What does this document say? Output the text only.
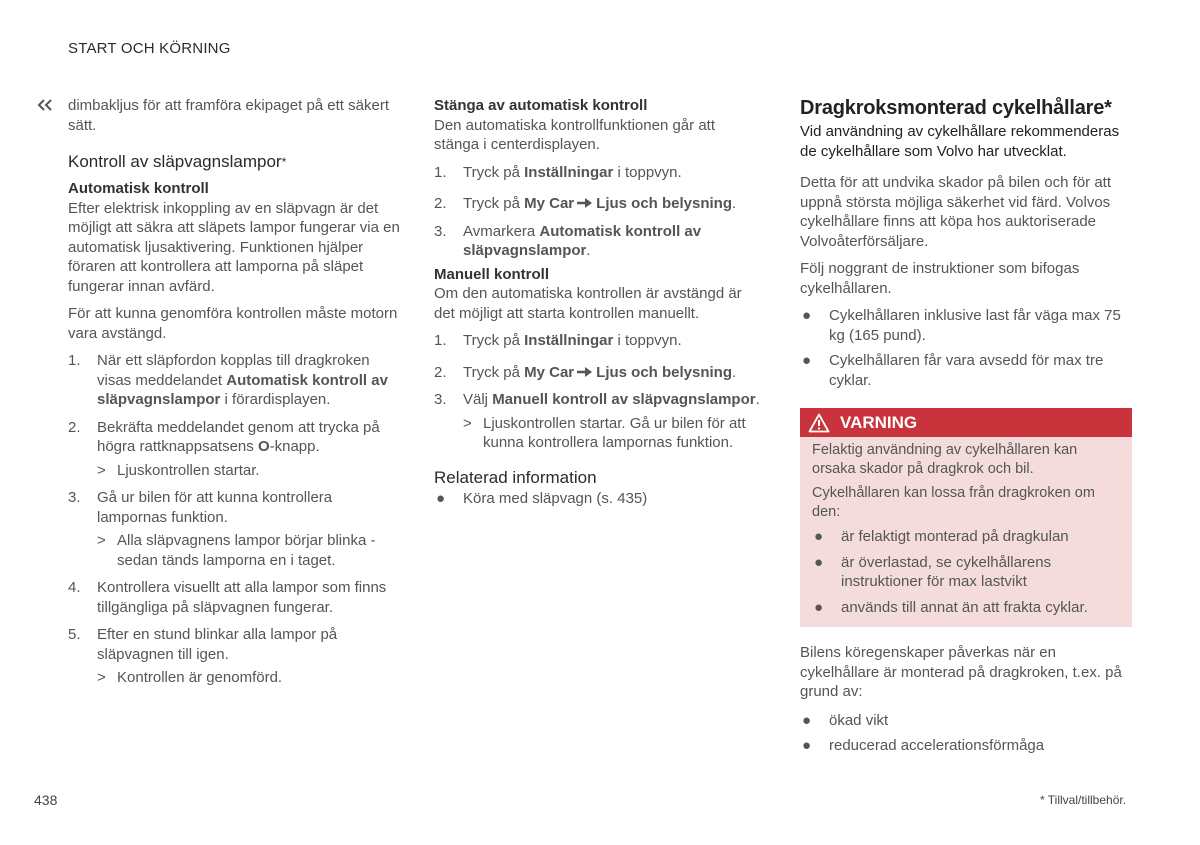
START OCH KÖRNING

dimbakljus för att framföra ekipaget på ett säkert sätt.

Kontroll av släpvagnslampor*
Automatisk kontroll

Efter elektrisk inkoppling av en släpvagn är det möjligt att säkra att släpets lampor fungerar via en automatisk ljusaktivering. Funktionen hjälper föraren att kontrollera att lamporna på släpet fungerar innan avfärd.

För att kunna genomföra kontrollen måste motorn vara avstängd.

1. När ett släpfordon kopplas till dragkroken visas meddelandet Automatisk kontroll av släpvagnslampor i förardisplayen.
2. Bekräfta meddelandet genom att trycka på högra rattknappsatsens O-knapp.
> Ljuskontrollen startar.
3. Gå ur bilen för att kunna kontrollera lampornas funktion.
> Alla släpvagnens lampor börjar blinka - sedan tänds lamporna en i taget.
4. Kontrollera visuellt att alla lampor som finns tillgängliga på släpvagnen fungerar.
5. Efter en stund blinkar alla lampor på släpvagnen till igen.
> Kontrollen är genomförd.
Stänga av automatisk kontroll

Den automatiska kontrollfunktionen går att stänga i centerdisplayen.

1. Tryck på Inställningar i toppvyn.
2. Tryck på My Car Ljus och belysning.
3. Avmarkera Automatisk kontroll av släpvagnslampor.
Manuell kontroll

Om den automatiska kontrollen är avstängd är det möjligt att starta kontrollen manuellt.

1. Tryck på Inställningar i toppvyn.
2. Tryck på My Car Ljus och belysning.
3. Välj Manuell kontroll av släpvagnslampor.
> Ljuskontrollen startar. Gå ur bilen för att kunna kontrollera lampornas funktion.
Relaterad information
● Köra med släpvagn (s. 435)
Dragkroksmonterad cykelhållare*

Vid användning av cykelhållare rekommenderas de cykelhållare som Volvo har utvecklat.

Detta för att undvika skador på bilen och för att uppnå största möjliga säkerhet vid färd. Volvos cykelhållare finns att köpa hos auktoriserade Volvoåterförsäljare.

Följ noggrant de instruktioner som bifogas cykelhållaren.

● Cykelhållaren inklusive last får väga max 75 kg (165 pund).
● Cykelhållaren får vara avsedd för max tre cyklar.
VARNING

Felaktig användning av cykelhållaren kan orsaka skador på dragkrok och bil.

Cykelhållaren kan lossa från dragkroken om den:

● är felaktigt monterad på dragkulan
● är överlastad, se cykelhållarens instruktioner för max lastvikt
● används till annat än att frakta cyklar.

Bilens köregenskaper påverkas när en cykelhållare är monterad på dragkroken, t.ex. på grund av:

● ökad vikt
● reducerad accelerationsförmåga
438	* Tillval/tillbehör.
